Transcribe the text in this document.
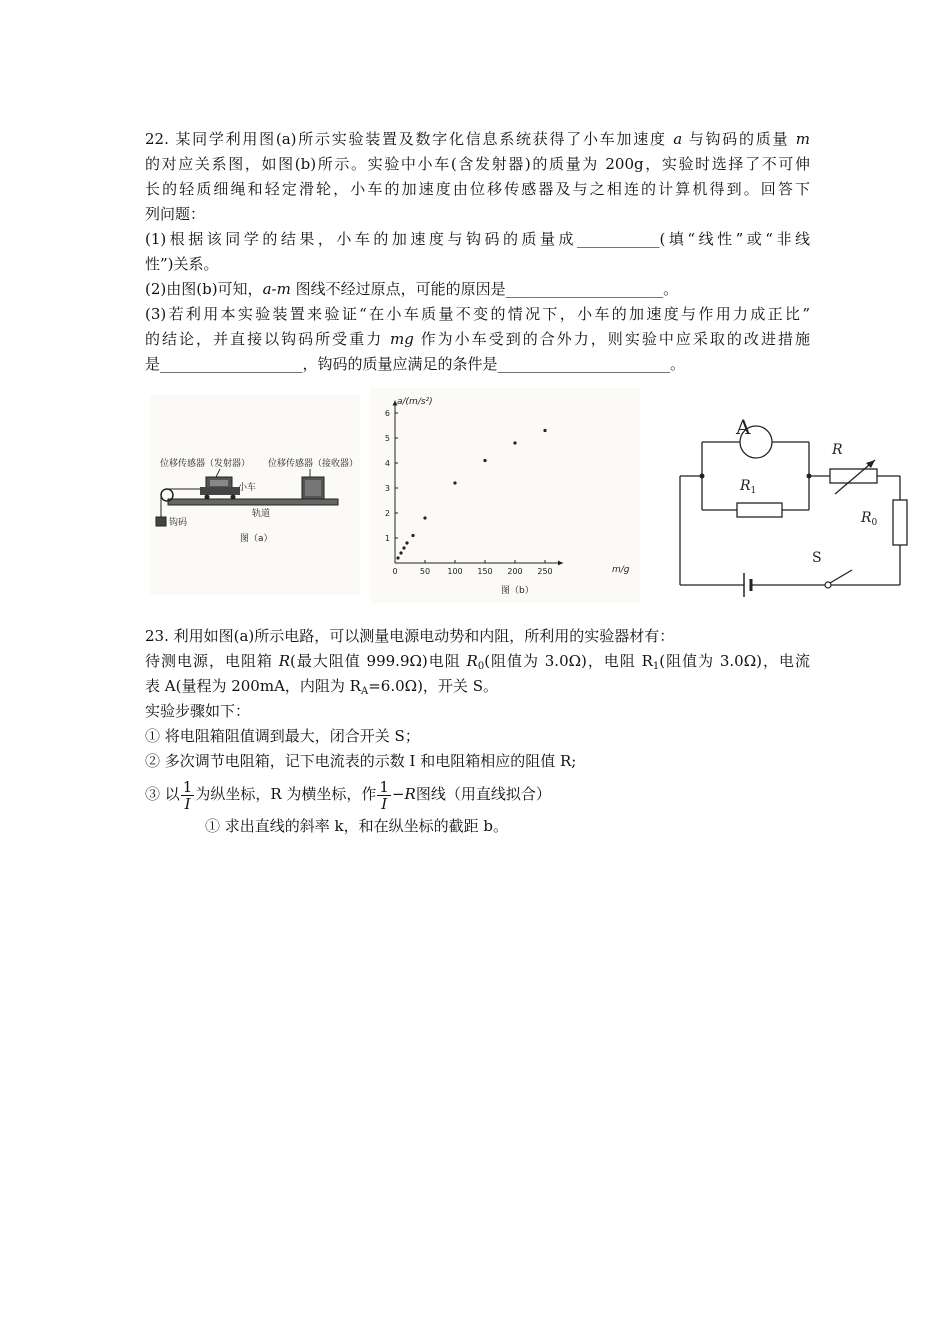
22. 某同学利用图(a)所示实验装置及数字化信息系统获得了小车加速度 a 与钩码的质量 m
的对应关系图，如图(b)所示。实验中小车(含发射器)的质量为 200g，实验时选择了不可伸
长的轻质细绳和轻定滑轮，小车的加速度由位移传感器及与之相连的计算机得到。回答下
列问题：
(1)根据该同学的结果，小车的加速度与钩码的质量成___________(填“线性”或“非线
性”)关系。
(2)由图(b)可知，a-m 图线不经过原点，可能的原因是_____________________。
(3)若利用本实验装置来验证“在小车质量不变的情况下，小车的加速度与作用力成正比”
的结论，并直接以钩码所受重力 mg 作为小车受到的合外力，则实验中应采取的改进措施
是___________________，钩码的质量应满足的条件是_______________________。
位移传感器（发射器） 位移传感器（接收器）
小车
轨道
钩码
图（a）
0	50 100 150 200 250
1
2
3
4
5
6
a/(m/s²)
m/g
图（b）
A
$R_1$
R
$R_0$
S
23. 利用如图(a)所示电路，可以测量电源电动势和内阻，所利用的实验器材有：
待测电源，电阻箱 R(最大阻值 999.9Ω)电阻 $R_0$(阻值为 3.0Ω)，电阻 $R_1$(阻值为 3.0Ω)，电流
表 A(量程为 200mA，内阻为 $R_A=6.0\Omega$)，开关 S。
实验步骤如下：
① 将电阻箱阻值调到最大，闭合开关 S；
② 多次调节电阻箱，记下电流表的示数 I 和电阻箱相应的阻值 R;
③ 以 $\frac{1}{I}$ 为纵坐标，R 为横坐标，作 $\frac{1}{I} -R$图线（用直线拟合）
① 求出直线的斜率 k，和在纵坐标的截距 b。
